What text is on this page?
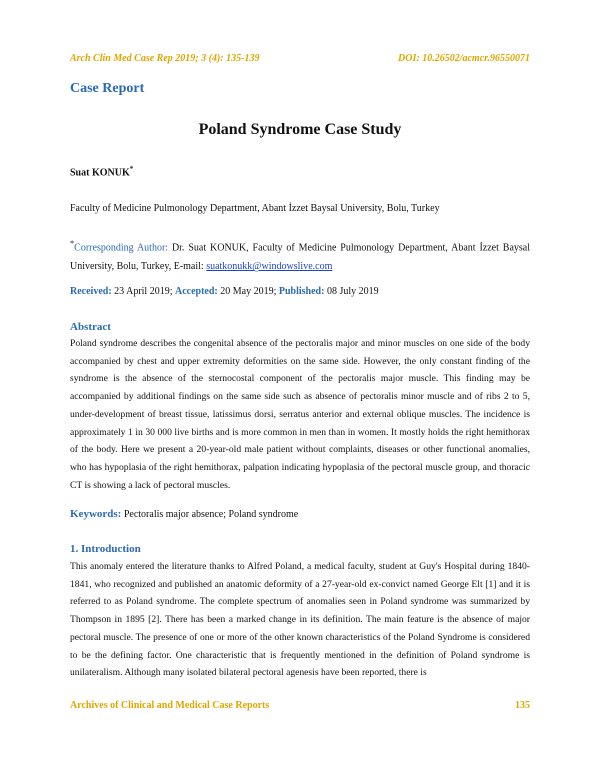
Arch Clin Med Case Rep 2019; 3 (4): 135-139	DOI: 10.26502/acmcr.96550071
Case Report
Poland Syndrome Case Study
Suat KONUK*
Faculty of Medicine Pulmonology Department, Abant İzzet Baysal University, Bolu, Turkey
*Corresponding Author: Dr. Suat KONUK, Faculty of Medicine Pulmonology Department, Abant İzzet Baysal University, Bolu, Turkey, E-mail: suatkonukk@windowslive.com
Received: 23 April 2019; Accepted: 20 May 2019; Published: 08 July 2019
Abstract

Poland syndrome describes the congenital absence of the pectoralis major and minor muscles on one side of the body accompanied by chest and upper extremity deformities on the same side. However, the only constant finding of the syndrome is the absence of the sternocostal component of the pectoralis major muscle. This finding may be accompanied by additional findings on the same side such as absence of pectoralis minor muscle and of ribs 2 to 5, under-development of breast tissue, latissimus dorsi, serratus anterior and external oblique muscles. The incidence is approximately 1 in 30 000 live births and is more common in men than in women. It mostly holds the right hemithorax of the body. Here we present a 20-year-old male patient without complaints, diseases or other functional anomalies, who has hypoplasia of the right hemithorax, palpation indicating hypoplasia of the pectoral muscle group, and thoracic CT is showing a lack of pectoral muscles.

Keywords: Pectoralis major absence; Poland syndrome
1. Introduction

This anomaly entered the literature thanks to Alfred Poland, a medical faculty, student at Guy's Hospital during 1840-1841, who recognized and published an anatomic deformity of a 27-year-old ex-convict named George Elt [1] and it is referred to as Poland syndrome. The complete spectrum of anomalies seen in Poland syndrome was summarized by Thompson in 1895 [2]. There has been a marked change in its definition. The main feature is the absence of major pectoral muscle. The presence of one or more of the other known characteristics of the Poland Syndrome is considered to be the defining factor. One characteristic that is frequently mentioned in the definition of Poland syndrome is unilateralism. Although many isolated bilateral pectoral agenesis have been reported, there is

Archives of Clinical and Medical Case Reports	135
